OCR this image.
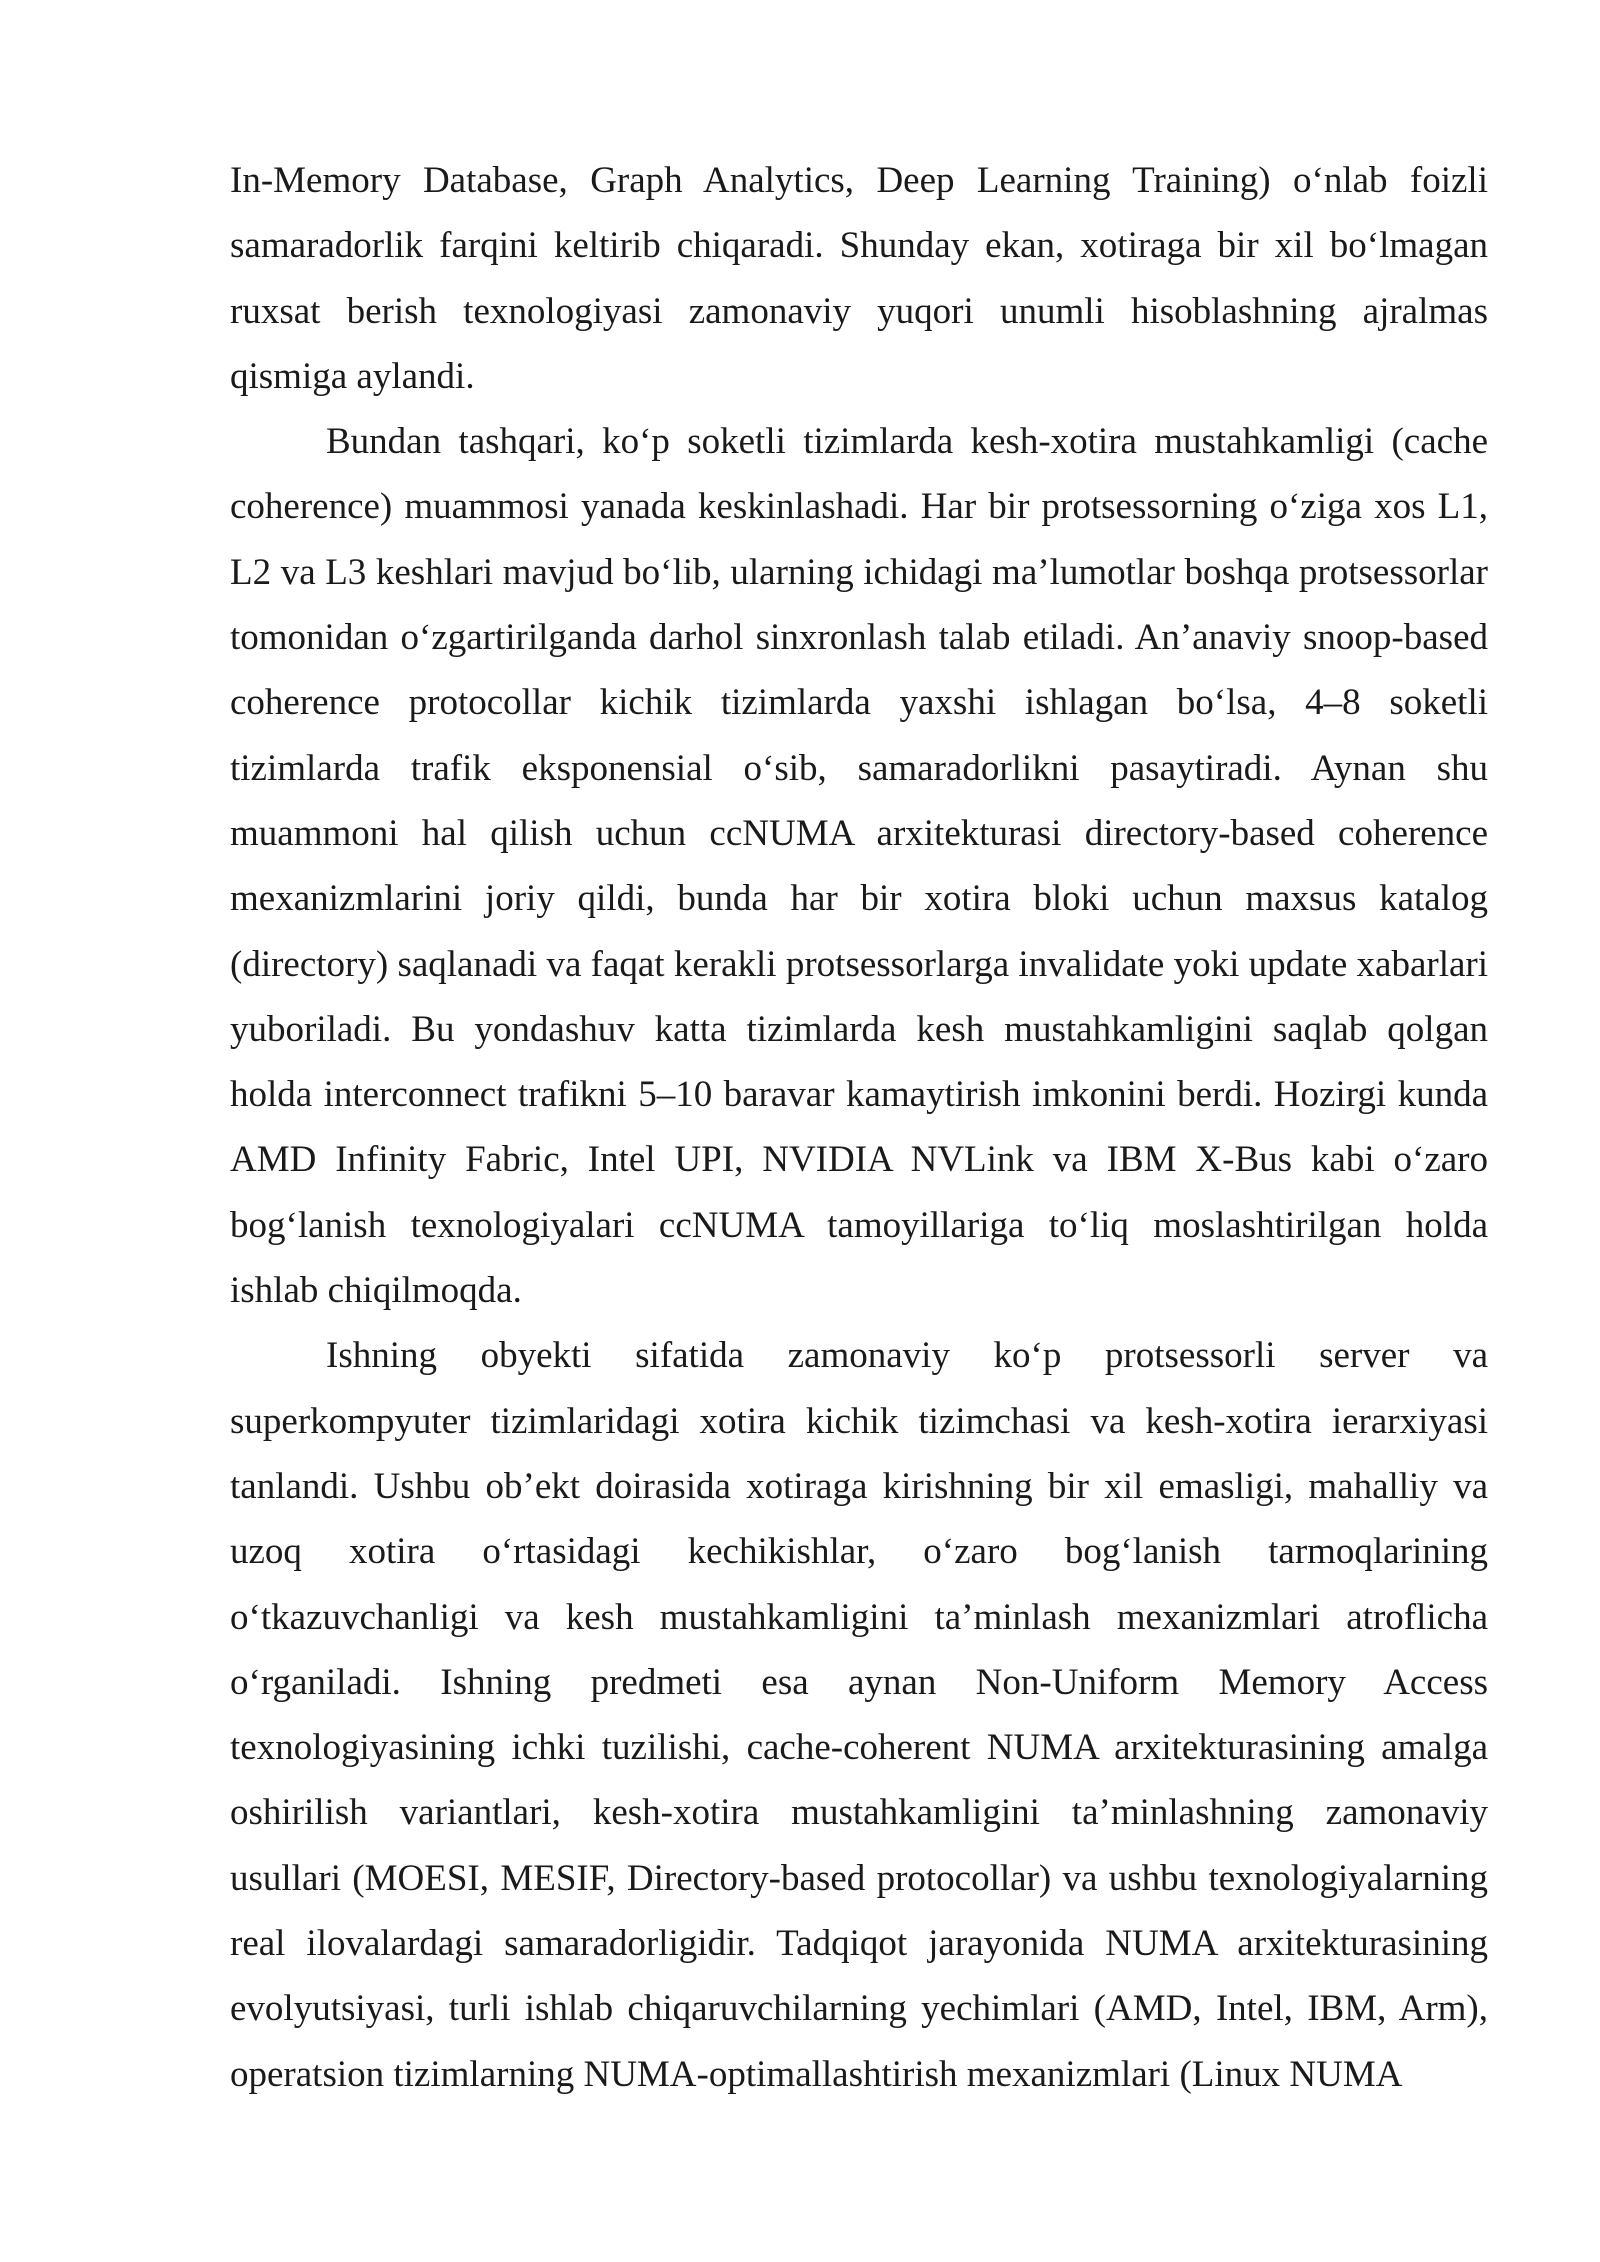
In-Memory Database, Graph Analytics, Deep Learning Training) o‘nlab foizli samaradorlik farqini keltirib chiqaradi. Shunday ekan, xotiraga bir xil bo‘lmagan ruxsat berish texnologiyasi zamonaviy yuqori unumli hisoblashning ajralmas qismiga aylandi.

Bundan tashqari, ko‘p soketli tizimlarda kesh-xotira mustahkamligi (cache coherence) muammosi yanada keskinlashadi. Har bir protsessorning o‘ziga xos L1, L2 va L3 keshlari mavjud bo‘lib, ularning ichidagi ma’lumotlar boshqa protsessorlar tomonidan o‘zgartirilganda darhol sinxronlash talab etiladi. An’anaviy snoop-based coherence protocollar kichik tizimlarda yaxshi ishlagan bo‘lsa, 4–8 soketli tizimlarda trafik eksponensial o‘sib, samaradorlikni pasaytiradi. Aynan shu muammoni hal qilish uchun ccNUMA arxitekturasi directory-based coherence mexanizmlarini joriy qildi, bunda har bir xotira bloki uchun maxsus katalog (directory) saqlanadi va faqat kerakli protsessorlarga invalidate yoki update xabarlari yuboriladi. Bu yondashuv katta tizimlarda kesh mustahkamligini saqlab qolgan holda interconnect trafikni 5–10 baravar kamaytirish imkonini berdi. Hozirgi kunda AMD Infinity Fabric, Intel UPI, NVIDIA NVLink va IBM X-Bus kabi o‘zaro bog‘lanish texnologiyalari ccNUMA tamoyillariga to‘liq moslashtirilgan holda ishlab chiqilmoqda.

Ishning obyekti sifatida zamonaviy ko‘p protsessorli server va superkompyuter tizimlaridagi xotira kichik tizimchasi va kesh-xotira ierarxiyasi tanlandi. Ushbu ob’ekt doirasida xotiraga kirishning bir xil emasligi, mahalliy va uzoq xotira o‘rtasidagi kechikishlar, o‘zaro bog‘lanish tarmoqlarining o‘tkazuvchanligi va kesh mustahkamligini ta’minlash mexanizmlari atroflicha o‘rganiladi. Ishning predmeti esa aynan Non-Uniform Memory Access texnologiyasining ichki tuzilishi, cache-coherent NUMA arxitekturasining amalga oshirilish variantlari, kesh-xotira mustahkamligini ta’minlashning zamonaviy usullari (MOESI, MESIF, Directory-based protocollar) va ushbu texnologiyalarning real ilovalardagi samaradorligidir. Tadqiqot jarayonida NUMA arxitekturasining evolyutsiyasi, turli ishlab chiqaruvchilarning yechimlari (AMD, Intel, IBM, Arm), operatsion tizimlarning NUMA-optimallashtirish mexanizmlari (Linux NUMA
